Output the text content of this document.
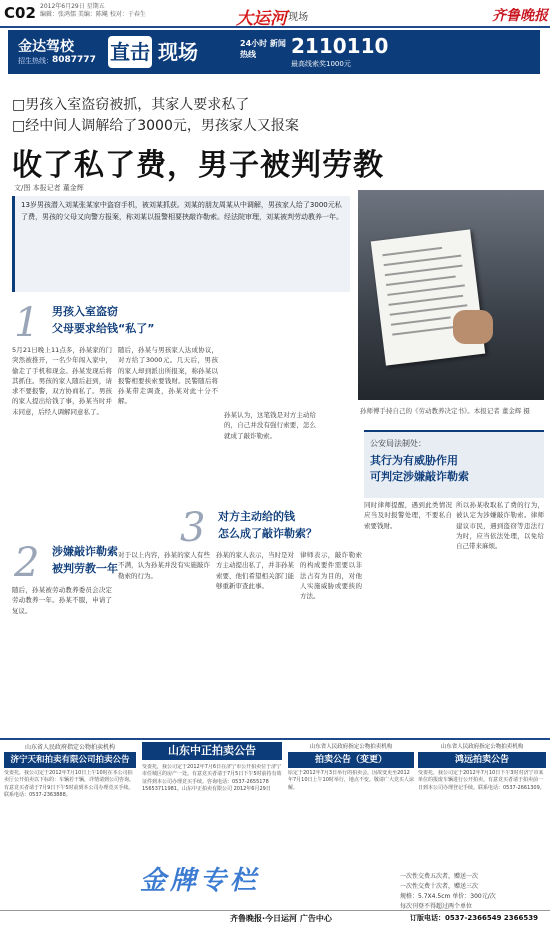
C02 2012年6月29日 星期五
编辑：张鸿儒 美编：陈飚 校对：于春生	大运河
·现场	齐鲁晚报
金达驾校
招生热线： 8087777 直击 现场	24小时 新闻热线	2110110
最高线索奖1000元
□男孩入室盗窃被抓，其家人要求私了
□经中间人调解给了3000元，男孩家人又报案
收了私了费，男子被判劳教
文/图 本报记者 董金辉
13岁男孩潜入刘某张某家中盗窃手机，被刘某抓获。刘某的朋友周某从中调解，男孩家人给了3000元私了费，男孩的父母又向警方报案，称刘某以报警相要挟敲诈勒索。经法院审理，刘某被判劳动教养一年。
孙师傅手持自己的《劳动教养决定书》。本报记者 董金辉 摄
1 男孩入室盗窃
父母要求给钱“私了”
5月21日晚上11点多，孙某家的门突然被推开，一名少年闯入家中，偷走了手机和现金。孙某发现后将其抓住。男孩的家人随后赶到，请求不要报警，双方协商私了。男孩的家人提出给钱了事，孙某当时并未同意，后经人调解同意私了。
随后，孙某与男孩家人达成协议，对方给了3000元。几天后，男孩的家人却到派出所报案，称孙某以报警相要挟索要钱财。民警随后将孙某带走调查，孙某对此十分不解。
孙某认为，这笔钱是对方主动给的，自己并没有强行索要，怎么就成了敲诈勒索。
3 对方主动给的钱
怎么成了敲诈勒索？
2 涉嫌敲诈勒索
被判劳教一年
随后，孙某被劳动教养委员会决定劳动教养一年。孙某不服，申请了复议。
对于以上内容，孙某的家人有些不满，认为孙某并没有实施敲诈勒索的行为。
孙某的家人表示，当时是对方主动提出私了，并非孙某索要，他们希望相关部门能够重新审查此事。
律师表示，敲诈勒索的构成要件需要以非法占有为目的，对他人实施威胁或要挟的方法。
公安局法制处：
其行为有威胁作用
可判定涉嫌敲诈勒索
同时律师提醒，遇到此类情况应当及时报警处理，不要私自索要钱财。
所以孙某收取私了费的行为，被认定为涉嫌敲诈勒索。律师建议市民，遇到盗窃等违法行为时，应当依法处理，以免给自己带来麻烦。
山东省人民政府指定公物拍卖机构
济宁天和拍卖有限公司拍卖公告
受委托，我公司定于2012年7月10日上午10时在本公司拍卖厅公开拍卖以下标的：车辆若干辆，详情请到公司咨询。有意竞买者请于7月9日下午5时前到本公司办理竞买手续。联系电话：0537-2363888。
山东中正拍卖公告
受委托，我公司定于2012年7月6日在济宁市公开拍卖位于济宁市任城区的房产一处。有意竞买者请于7月5日下午5时前持有效证件到本公司办理竞买手续。咨询电话：0537-2655178 15653711981。山东中正拍卖有限公司 2012年6月29日
山东省人民政府指定公物拍卖机构
拍卖公告（变更）
原定于2012年7月3日举行的拍卖会，因故变更至2012年7月10日上午10时举行，地点不变。敬请广大竞买人谅解。
山东省人民政府指定公物拍卖机构
鸿远拍卖公告
受委托，我公司定于2012年7月10日下午3时对济宁市某单位的报废车辆进行公开拍卖。有意竞买者请于拍卖前一日到本公司办理登记手续。联系电话：0537-2661309。
金牌专栏	一次性交费五次者，赠送一次
一次性交费十次者，赠送三次
规格：5.7X4.5cm 单价：300元/次
每次刊登不得超过两个单位
齐鲁晚报·今日运河 广告中心	订版电话：0537-2366549 2366539
